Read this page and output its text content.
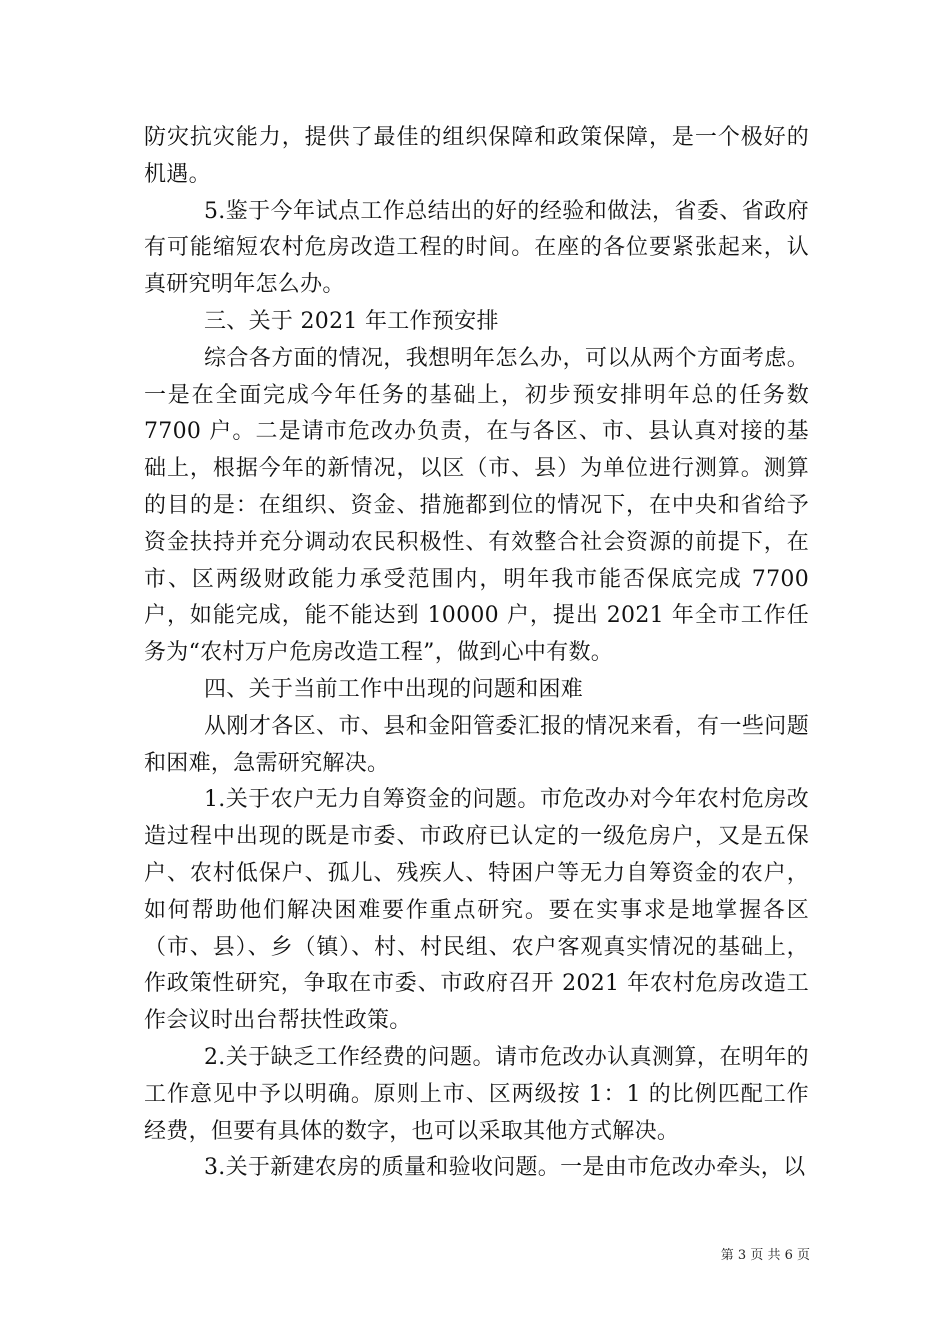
防灾抗灾能力，提供了最佳的组织保障和政策保障，是一个极好的机遇。

5.鉴于今年试点工作总结出的好的经验和做法，省委、省政府有可能缩短农村危房改造工程的时间。在座的各位要紧张起来，认真研究明年怎么办。

三、关于 2021 年工作预安排

综合各方面的情况，我想明年怎么办，可以从两个方面考虑。一是在全面完成今年任务的基础上，初步预安排明年总的任务数 7700 户。二是请市危改办负责，在与各区、市、县认真对接的基础上，根据今年的新情况，以区（市、县）为单位进行测算。测算的目的是：在组织、资金、措施都到位的情况下，在中央和省给予资金扶持并充分调动农民积极性、有效整合社会资源的前提下，在市、区两级财政能力承受范围内，明年我市能否保底完成 7700 户，如能完成，能不能达到 10000 户，提出 2021 年全市工作任务为“农村万户危房改造工程”，做到心中有数。

四、关于当前工作中出现的问题和困难

从刚才各区、市、县和金阳管委汇报的情况来看，有一些问题和困难，急需研究解决。

1.关于农户无力自筹资金的问题。市危改办对今年农村危房改造过程中出现的既是市委、市政府已认定的一级危房户，又是五保户、农村低保户、孤儿、残疾人、特困户等无力自筹资金的农户，如何帮助他们解决困难要作重点研究。要在实事求是地掌握各区（市、县）、乡（镇）、村、村民组、农户客观真实情况的基础上，作政策性研究，争取在市委、市政府召开 2021 年农村危房改造工作会议时出台帮扶性政策。

2.关于缺乏工作经费的问题。请市危改办认真测算，在明年的工作意见中予以明确。原则上市、区两级按 1：1 的比例匹配工作经费，但要有具体的数字，也可以采取其他方式解决。

3.关于新建农房的质量和验收问题。一是由市危改办牵头，以

第 3 页 共 6 页
